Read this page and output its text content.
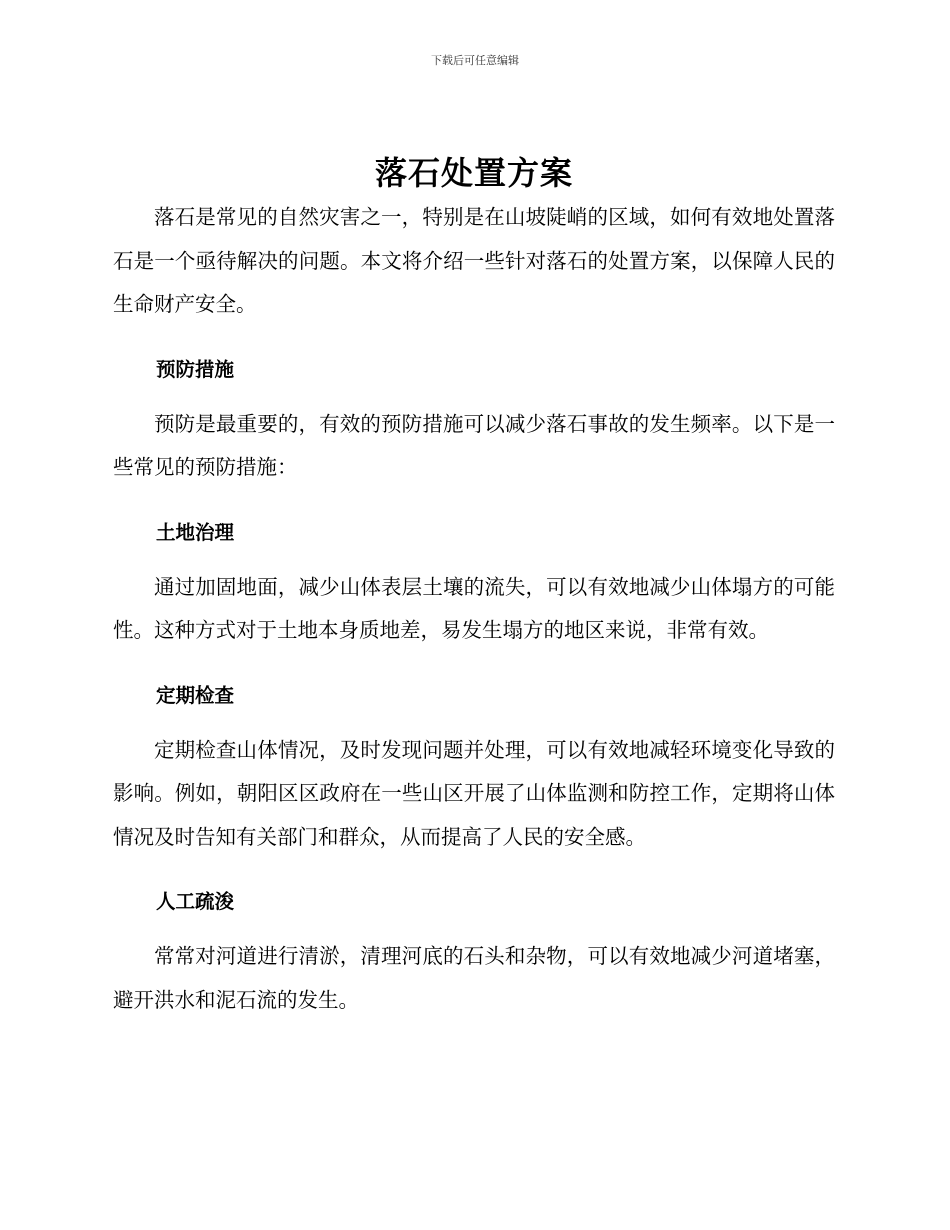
下载后可任意编辑
落石处置方案

落石是常见的自然灾害之一，特别是在山坡陡峭的区域，如何有效地处置落石是一个亟待解决的问题。本文将介绍一些针对落石的处置方案，以保障人民的生命财产安全。

预防措施

预防是最重要的，有效的预防措施可以减少落石事故的发生频率。以下是一些常见的预防措施：

土地治理

通过加固地面，减少山体表层土壤的流失，可以有效地减少山体塌方的可能性。这种方式对于土地本身质地差，易发生塌方的地区来说，非常有效。

定期检查

定期检查山体情况，及时发现问题并处理，可以有效地减轻环境变化导致的影响。例如，朝阳区区政府在一些山区开展了山体监测和防控工作，定期将山体情况及时告知有关部门和群众，从而提高了人民的安全感。

人工疏浚

常常对河道进行清淤，清理河底的石头和杂物，可以有效地减少河道堵塞，避开洪水和泥石流的发生。
